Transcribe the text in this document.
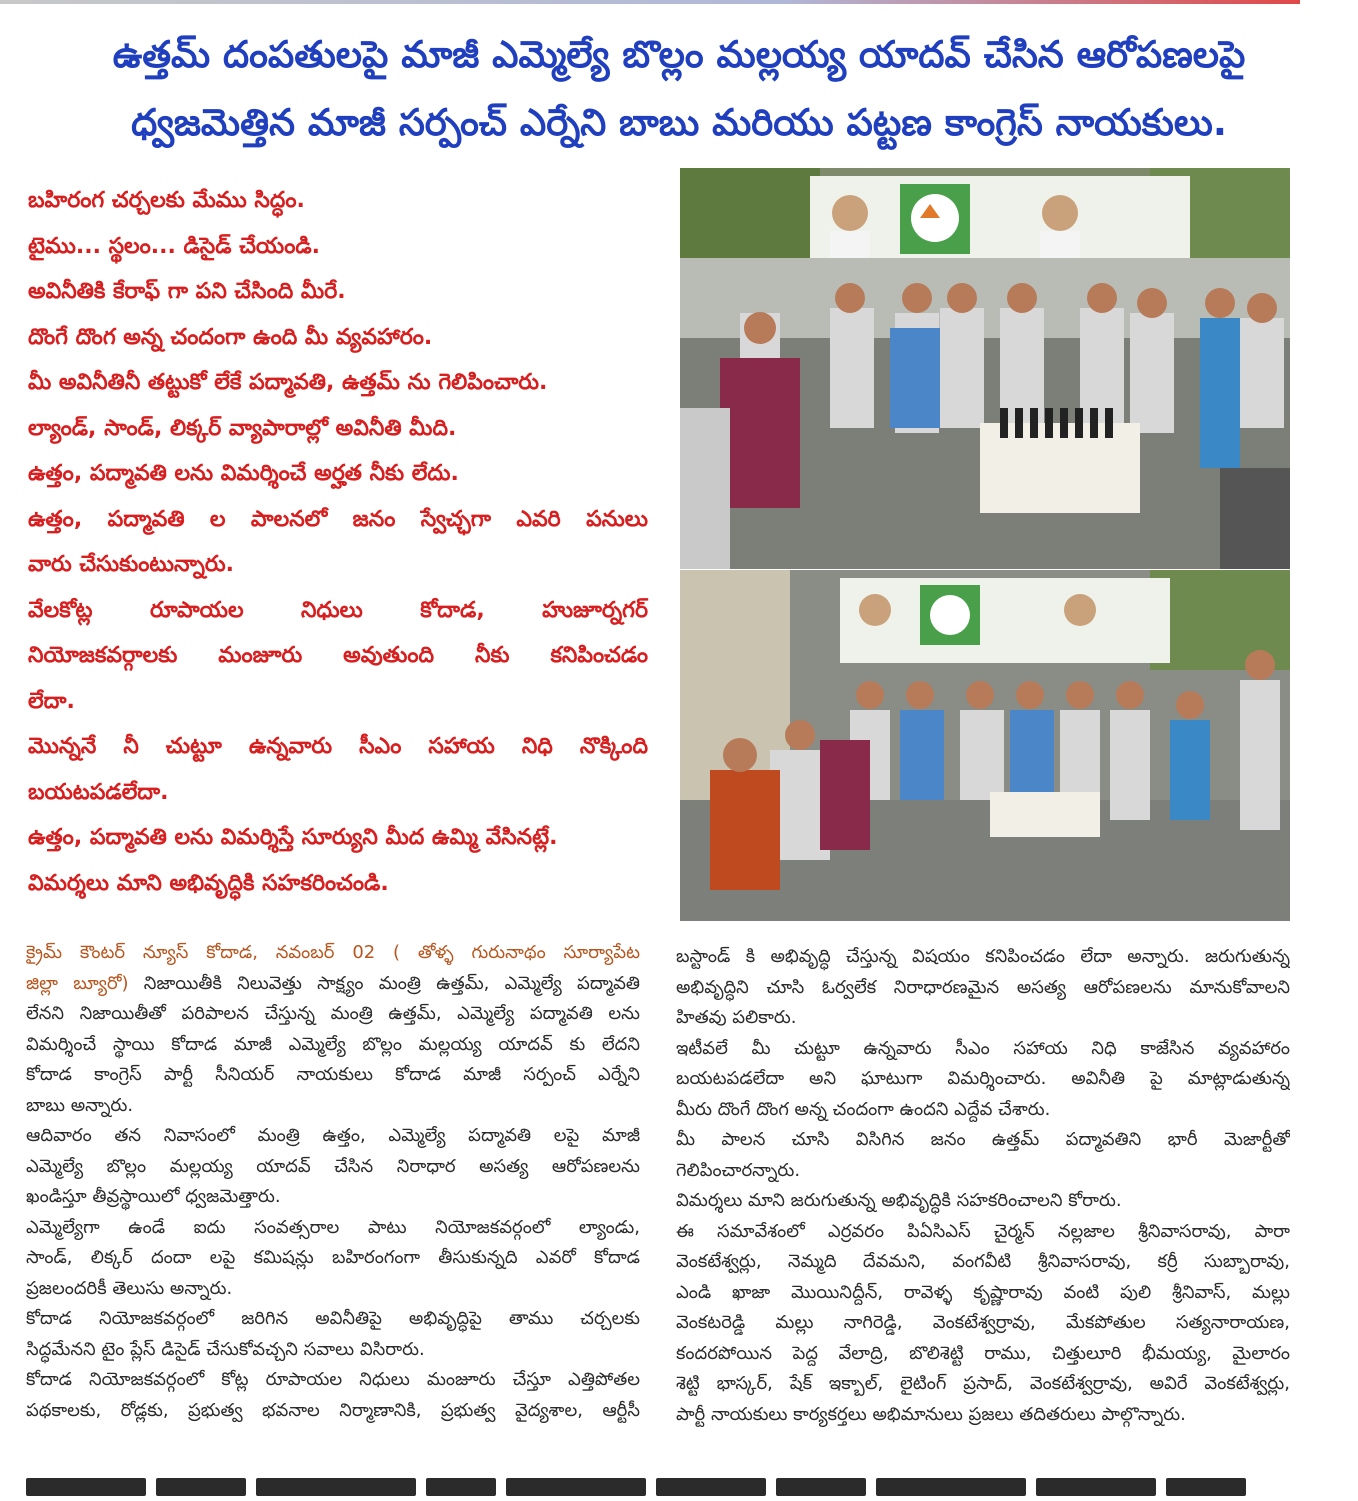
ఉత్తమ్ దంపతులపై మాజీ ఎమ్మెల్యే బొల్లం మల్లయ్య యాదవ్ చేసిన ఆరోపణలపై
ధ్వజమెత్తిన మాజీ సర్పంచ్ ఎర్నేని బాబు మరియు పట్టణ కాంగ్రెస్ నాయకులు.
బహిరంగ చర్చలకు మేము సిద్ధం.
టైము... స్థలం... డిసైడ్ చేయండి.
అవినీతికి కేరాఫ్ గా పని చేసింది మీరే.
దొంగే దొంగ అన్న చందంగా ఉంది మీ వ్యవహారం.
మీ అవినీతినీ తట్టుకో లేకే పద్మావతి, ఉత్తమ్ ను గెలిపించారు.
ల్యాండ్, సాండ్, లిక్కర్ వ్యాపారాల్లో అవినీతి మీది.
ఉత్తం, పద్మావతి లను విమర్శించే అర్హత నీకు లేదు.
ఉత్తం, పద్మావతి ల పాలనలో జనం స్వేచ్ఛగా ఎవరి పనులు
వారు చేసుకుంటున్నారు.
వేలకోట్ల రూపాయల నిధులు కోదాడ, హుజూర్నగర్
నియోజకవర్గాలకు మంజూరు అవుతుంది నీకు కనిపించడం
లేదా.
మొన్ననే నీ చుట్టూ ఉన్నవారు సీఎం సహాయ నిధి నొక్కింది
బయటపడలేదా.
ఉత్తం, పద్మావతి లను విమర్శిస్తే సూర్యుని మీద ఉమ్మి వేసినట్లే.
విమర్శలు మాని అభివృద్ధికి సహకరించండి.
క్రైమ్ కౌంటర్ న్యూస్ కోదాడ, నవంబర్ 02 ( తోళ్ళ గురునాథం సూర్యాపేట
జిల్లా బ్యూరో) నిజాయితీకి నిలువెత్తు సాక్ష్యం మంత్రి ఉత్తమ్, ఎమ్మెల్యే పద్మావతి
లేనని నిజాయితీతో పరిపాలన చేస్తున్న మంత్రి ఉత్తమ్, ఎమ్మెల్యే పద్మావతి లను
విమర్శించే స్థాయి కోదాడ మాజీ ఎమ్మెల్యే బొల్లం మల్లయ్య యాదవ్ కు లేదని
కోదాడ కాంగ్రెస్ పార్టీ సీనియర్ నాయకులు కోదాడ మాజీ సర్పంచ్ ఎర్నేని
బాబు అన్నారు.
ఆదివారం తన నివాసంలో మంత్రి ఉత్తం, ఎమ్మెల్యే పద్మావతి లపై మాజీ
ఎమ్మెల్యే బొల్లం మల్లయ్య యాదవ్ చేసిన నిరాధార అసత్య ఆరోపణలను
ఖండిస్తూ తీవ్రస్థాయిలో ధ్వజమెత్తారు.
ఎమ్మెల్యేగా ఉండే ఐదు సంవత్సరాల పాటు నియోజకవర్గంలో ల్యాండు,
సాండ్, లిక్కర్ దందా లపై కమిషన్లు బహిరంగంగా తీసుకున్నది ఎవరో కోదాడ
ప్రజలందరికీ తెలుసు అన్నారు.
కోదాడ నియోజకవర్గంలో జరిగిన అవినీతిపై అభివృద్ధిపై తాము చర్చలకు
సిద్ధమేనని టైం ప్లేస్ డిసైడ్ చేసుకోవచ్చని సవాలు విసిరారు.
కోదాడ నియోజకవర్గంలో కోట్ల రూపాయల నిధులు మంజూరు చేస్తూ ఎత్తిపోతల
పథకాలకు, రోడ్లకు, ప్రభుత్వ భవనాల నిర్మాణానికి, ప్రభుత్వ వైద్యశాల, ఆర్టీసీ
బస్టాండ్ కి అభివృద్ధి చేస్తున్న విషయం కనిపించడం లేదా అన్నారు. జరుగుతున్న
అభివృద్ధిని చూసి ఓర్వలేక నిరాధారణమైన అసత్య ఆరోపణలను మానుకోవాలని
హితవు పలికారు.
ఇటీవలే మీ చుట్టూ ఉన్నవారు సీఎం సహాయ నిధి కాజేసిన వ్యవహారం
బయటపడలేదా అని ఘాటుగా విమర్శించారు. అవినీతి పై మాట్లాడుతున్న
మీరు దొంగే దొంగ అన్న చందంగా ఉందని ఎద్దేవ చేశారు.
మీ పాలన చూసి విసిగిన జనం ఉత్తమ్ పద్మావతిని భారీ మెజార్టీతో
గెలిపించారన్నారు.
విమర్శలు మాని జరుగుతున్న అభివృద్ధికి సహకరించాలని కోరారు.
ఈ సమావేశంలో ఎర్రవరం పిఏసిఎస్ చైర్మన్ నల్లజాల శ్రీనివాసరావు, పారా
వెంకటేశ్వర్లు, నెమ్మది దేవమని, వంగవీటి శ్రీనివాసరావు, కర్రీ సుబ్బారావు,
ఎండి ఖాజా మొయినిద్దీన్, రావెళ్ళ కృష్ణారావు వంటి పులి శ్రీనివాస్, మల్లు
వెంకటరెడ్డి మల్లు నాగిరెడ్డి, వెంకటేశ్వర్రావు, మేకపోతుల సత్యనారాయణ,
కందరపోయిన పెద్ద వేలాద్రి, బొలిశెట్టి రాము, చిత్తులూరి భీమయ్య, మైలారం
శెట్టి భాస్కర్, షేక్ ఇక్బాల్, లైటింగ్ ప్రసాద్, వెంకటేశ్వర్రావు, అవిరే వెంకటేశ్వర్లు,
పార్టీ నాయకులు కార్యకర్తలు అభిమానులు ప్రజలు తదితరులు పాల్గొన్నారు.
